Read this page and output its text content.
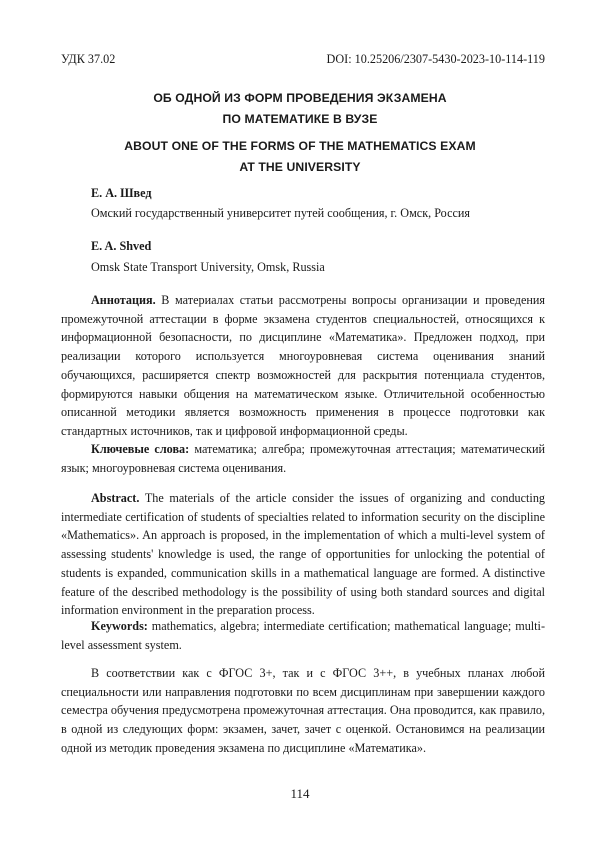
УДК 37.02	DOI: 10.25206/2307-5430-2023-10-114-119
ОБ ОДНОЙ ИЗ ФОРМ ПРОВЕДЕНИЯ ЭКЗАМЕНА
ПО МАТЕМАТИКЕ В ВУЗЕ
ABOUT ONE OF THE FORMS OF THE MATHEMATICS EXAM
AT THE UNIVERSITY
Е. А. Швед
Омский государственный университет путей сообщения, г. Омск, Россия
E. A. Shved
Omsk State Transport University, Omsk, Russia
Аннотация. В материалах статьи рассмотрены вопросы организации и проведения промежуточной аттестации в форме экзамена студентов специальностей, относящихся к информационной безопасности, по дисциплине «Математика». Предложен подход, при реализации которого используется многоуровневая система оценивания знаний обучающихся, расширяется спектр возможностей для раскрытия потенциала студентов, формируются навыки общения на математическом языке. Отличительной особенностью описанной методики является возможность применения в процессе подготовки как стандартных источников, так и цифровой информационной среды.
Ключевые слова: математика; алгебра; промежуточная аттестация; математический язык; многоуровневая система оценивания.
Abstract. The materials of the article consider the issues of organizing and conducting intermediate certification of students of specialties related to information security on the discipline «Mathematics». An approach is proposed, in the implementation of which a multi-level system of assessing students' knowledge is used, the range of opportunities for unlocking the potential of students is expanded, communication skills in a mathematical language are formed. A distinctive feature of the described methodology is the possibility of using both standard sources and digital information environment in the preparation process.
Keywords: mathematics, algebra; intermediate certification; mathematical language; multi-level assessment system.
В соответствии как с ФГОС 3+, так и с ФГОС 3++, в учебных планах любой специальности или направления подготовки по всем дисциплинам при завершении каждого семестра обучения предусмотрена промежуточная аттестация. Она проводится, как правило, в одной из следующих форм: экзамен, зачет, зачет с оценкой. Остановимся на реализации одной из методик проведения экзамена по дисциплине «Математика».
114
